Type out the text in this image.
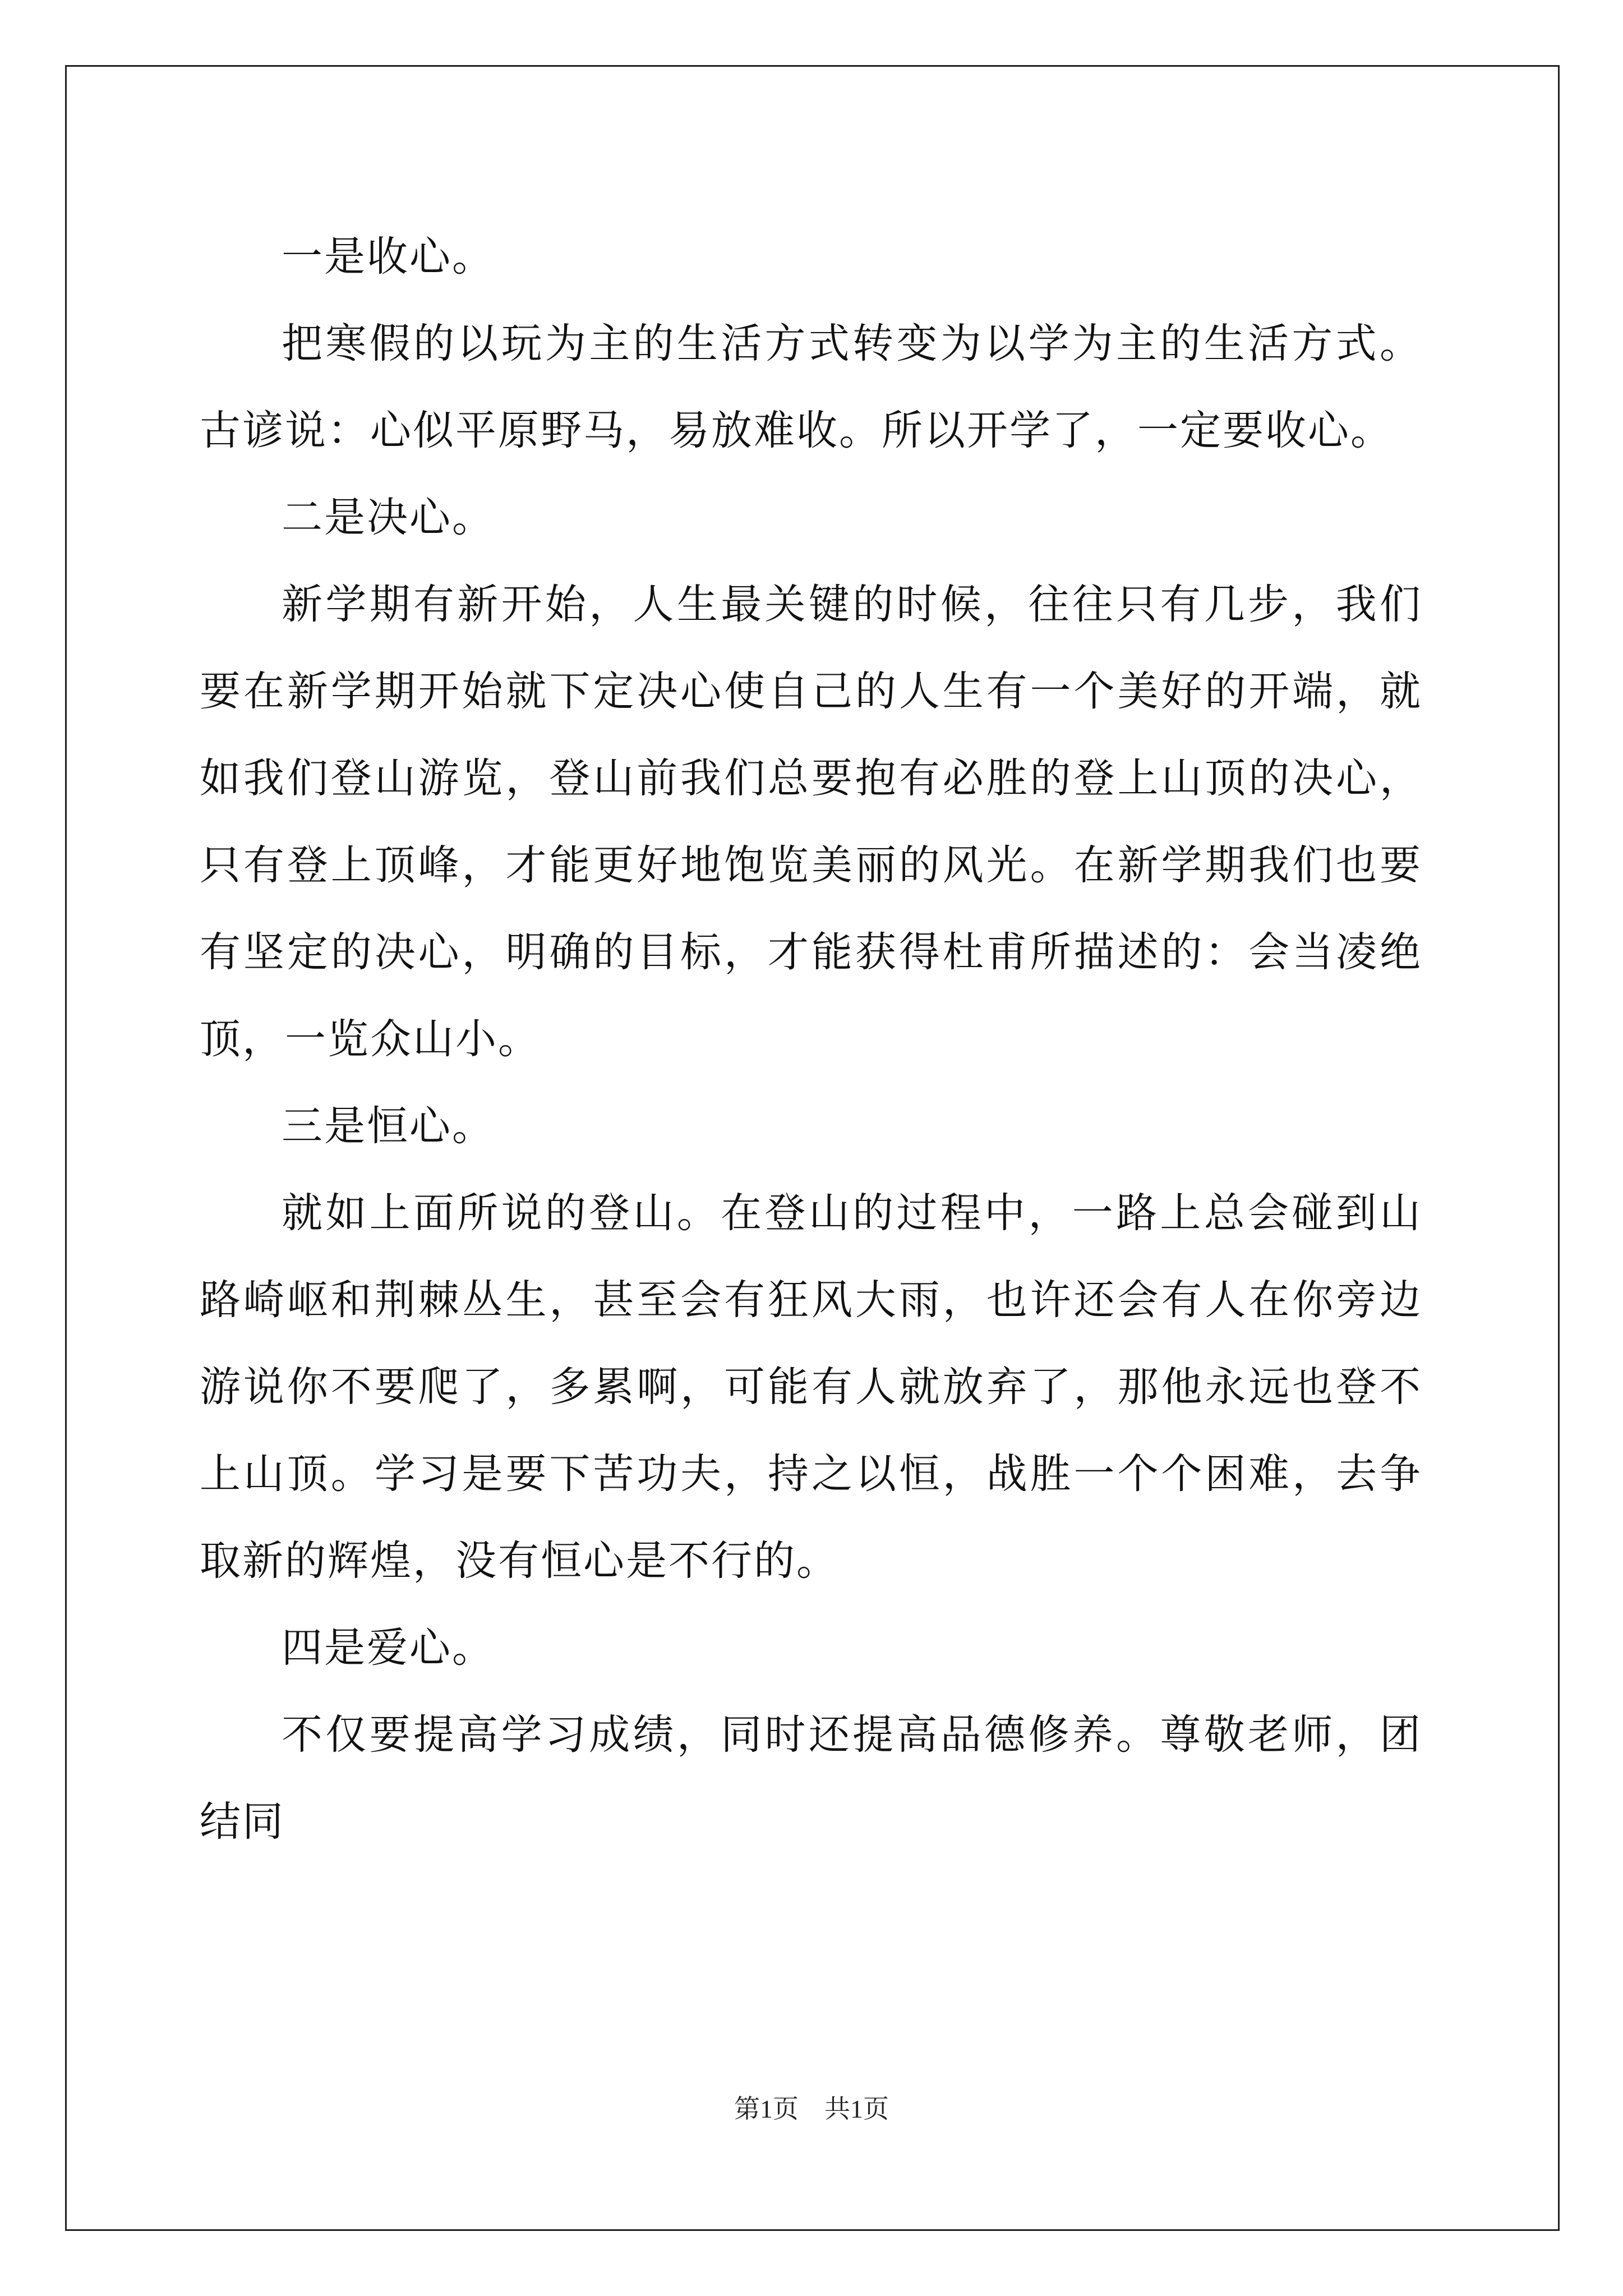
一是收心。

把寒假的以玩为主的生活方式转变为以学为主的生活方式。古谚说：心似平原野马，易放难收。所以开学了，一定要收心。

二是决心。

新学期有新开始，人生最关键的时候，往往只有几步，我们要在新学期开始就下定决心使自己的人生有一个美好的开端，就如我们登山游览，登山前我们总要抱有必胜的登上山顶的决心，只有登上顶峰，才能更好地饱览美丽的风光。在新学期我们也要有坚定的决心，明确的目标，才能获得杜甫所描述的：会当凌绝顶，一览众山小。

三是恒心。

就如上面所说的登山。在登山的过程中，一路上总会碰到山路崎岖和荆棘丛生，甚至会有狂风大雨，也许还会有人在你旁边游说你不要爬了，多累啊，可能有人就放弃了，那他永远也登不上山顶。学习是要下苦功夫，持之以恒，战胜一个个困难，去争取新的辉煌，没有恒心是不行的。

四是爱心。

不仅要提高学习成绩，同时还提高品德修养。尊敬老师，团结同

第1页 共1页
